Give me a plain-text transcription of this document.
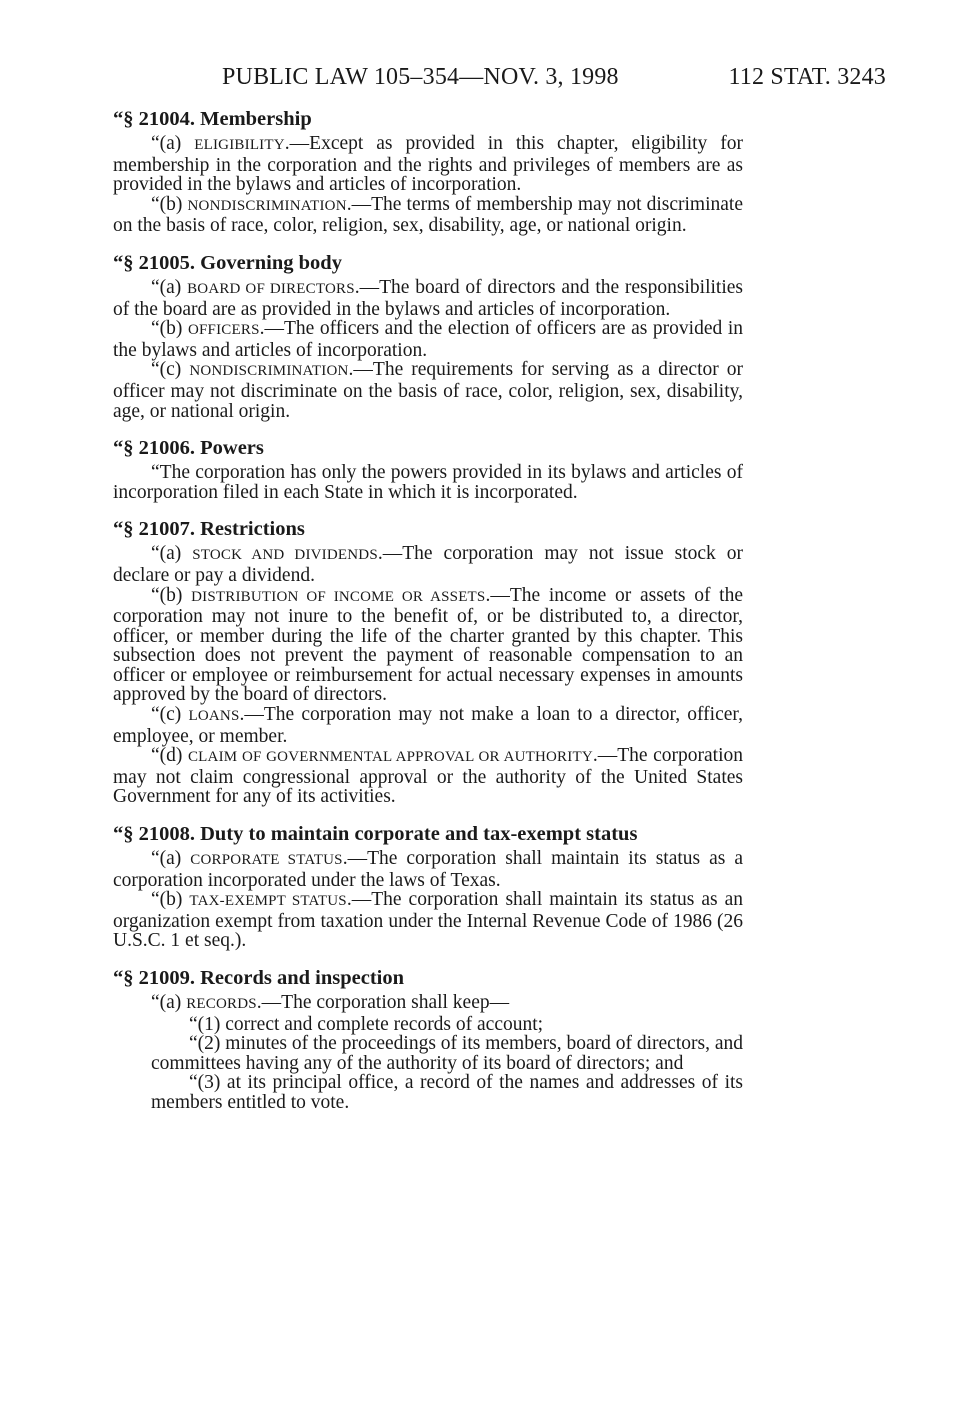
PUBLIC LAW 105–354—NOV. 3, 1998	112 STAT. 3243
“§ 21004. Membership

“(a) ELIGIBILITY.—Except as provided in this chapter, eligibility for membership in the corporation and the rights and privileges of members are as provided in the bylaws and articles of incorporation.

“(b) NONDISCRIMINATION.—The terms of membership may not discriminate on the basis of race, color, religion, sex, disability, age, or national origin.

“§ 21005. Governing body

“(a) BOARD OF DIRECTORS.—The board of directors and the responsibilities of the board are as provided in the bylaws and articles of incorporation.

“(b) OFFICERS.—The officers and the election of officers are as provided in the bylaws and articles of incorporation.

“(c) NONDISCRIMINATION.—The requirements for serving as a director or officer may not discriminate on the basis of race, color, religion, sex, disability, age, or national origin.

“§ 21006. Powers

“The corporation has only the powers provided in its bylaws and articles of incorporation filed in each State in which it is incorporated.

“§ 21007. Restrictions

“(a) STOCK AND DIVIDENDS.—The corporation may not issue stock or declare or pay a dividend.

“(b) DISTRIBUTION OF INCOME OR ASSETS.—The income or assets of the corporation may not inure to the benefit of, or be distributed to, a director, officer, or member during the life of the charter granted by this chapter. This subsection does not prevent the payment of reasonable compensation to an officer or employee or reimbursement for actual necessary expenses in amounts approved by the board of directors.

“(c) LOANS.—The corporation may not make a loan to a director, officer, employee, or member.

“(d) CLAIM OF GOVERNMENTAL APPROVAL OR AUTHORITY.—The corporation may not claim congressional approval or the authority of the United States Government for any of its activities.

“§ 21008. Duty to maintain corporate and tax-exempt status

“(a) CORPORATE STATUS.—The corporation shall maintain its status as a corporation incorporated under the laws of Texas.

“(b) TAX-EXEMPT STATUS.—The corporation shall maintain its status as an organization exempt from taxation under the Internal Revenue Code of 1986 (26 U.S.C. 1 et seq.).

“§ 21009. Records and inspection

“(a) RECORDS.—The corporation shall keep—

“(1) correct and complete records of account;

“(2) minutes of the proceedings of its members, board of directors, and committees having any of the authority of its board of directors; and

“(3) at its principal office, a record of the names and addresses of its members entitled to vote.
